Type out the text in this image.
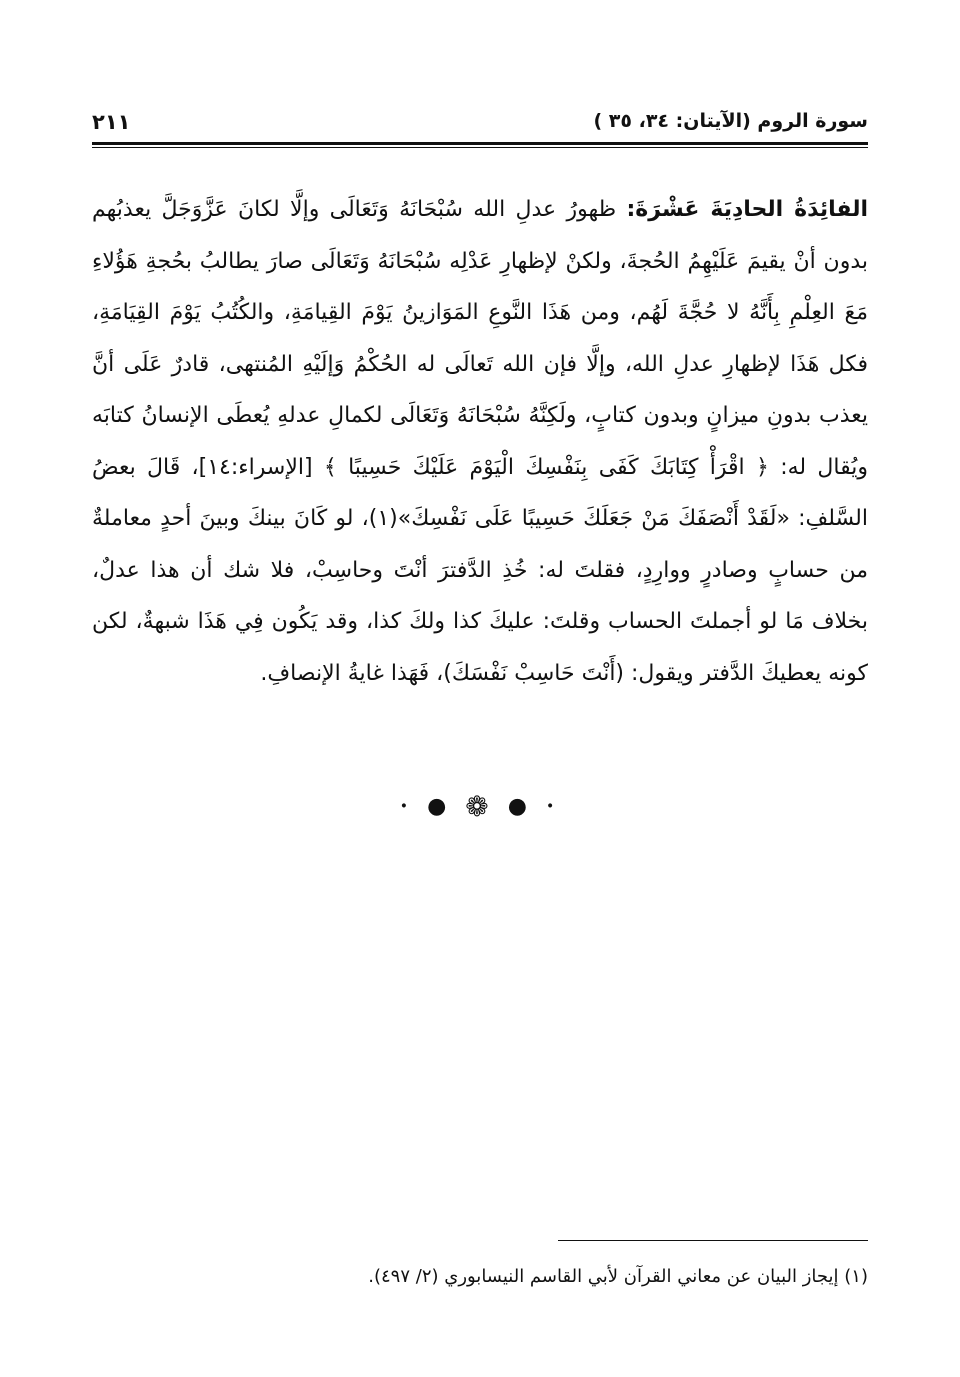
سورة الروم (الآيتان: ٣٤، ٣٥ )
٢١١

الفائِدَةُ الحادِيَةَ عَشْرَةَ: ظهورُ عدلِ الله سُبْحَانَهُ وَتَعَالَى وإلَّا لكانَ عَزَّوَجَلَّ يعذبُهم بدون أنْ يقيمَ عَلَيْهِمُ الحُجةَ، ولكنْ لإظهارِ عَدْلِه سُبْحَانَهُ وَتَعَالَى صارَ يطالبُ بحُجةِ هَؤُلاءِ مَعَ العِلْمِ بِأَنَّهُ لا حُجَّةَ لَهُم، ومن هَذَا النَّوعِ المَوَازينُ يَوْمَ القِيامَةِ، والكُتُبُ يَوْمَ القِيَامَةِ، فكل هَذَا لإظهارِ عدلِ الله، وإلَّا فإن الله تَعالَى له الحُكْمُ وَإلَيْهِ المُنتهى، قادرٌ عَلَى أنَّ يعذب بدونِ ميزانٍ وبدون كتابٍ، ولَكِنَّهُ سُبْحَانَهُ وَتَعَالَى لكمالِ عدلهِ يُعطَى الإنسانُ كتابَه ويُقال له: ﴿ اقْرَأْ كِتَابَكَ كَفَى بِنَفْسِكَ الْيَوْمَ عَلَيْكَ حَسِيبًا ﴾ [الإسراء:١٤]، قَالَ بعضُ السَّلفِ: «لَقَدْ أَنْصَفَكَ مَنْ جَعَلَكَ حَسِيبًا عَلَى نَفْسِكَ»(١)، لو كَانَ بينكَ وبينَ أحدٍ معاملةٌ من حسابٍ وصادرٍ ووارِدٍ، فقلتَ له: خُذِ الدَّفترَ أنْتَ وحاسِبْ، فلا شك أن هذا عدلٌ، بخلاف مَا لو أجملتَ الحساب وقلتَ: عليكَ كذا ولكَ كذا، وقد يَكُون فِي هَذَا شبهةٌ، لكن كونه يعطيكَ الدَّفتر ويقول: (أَنْتَ حَاسِبْ نَفْسَكَ)، فَهَذا غايةُ الإنصافِ.

• ● ❁ ● •
(١) إيجاز البيان عن معاني القرآن لأبي القاسم النيسابوري (٢/ ٤٩٧).
